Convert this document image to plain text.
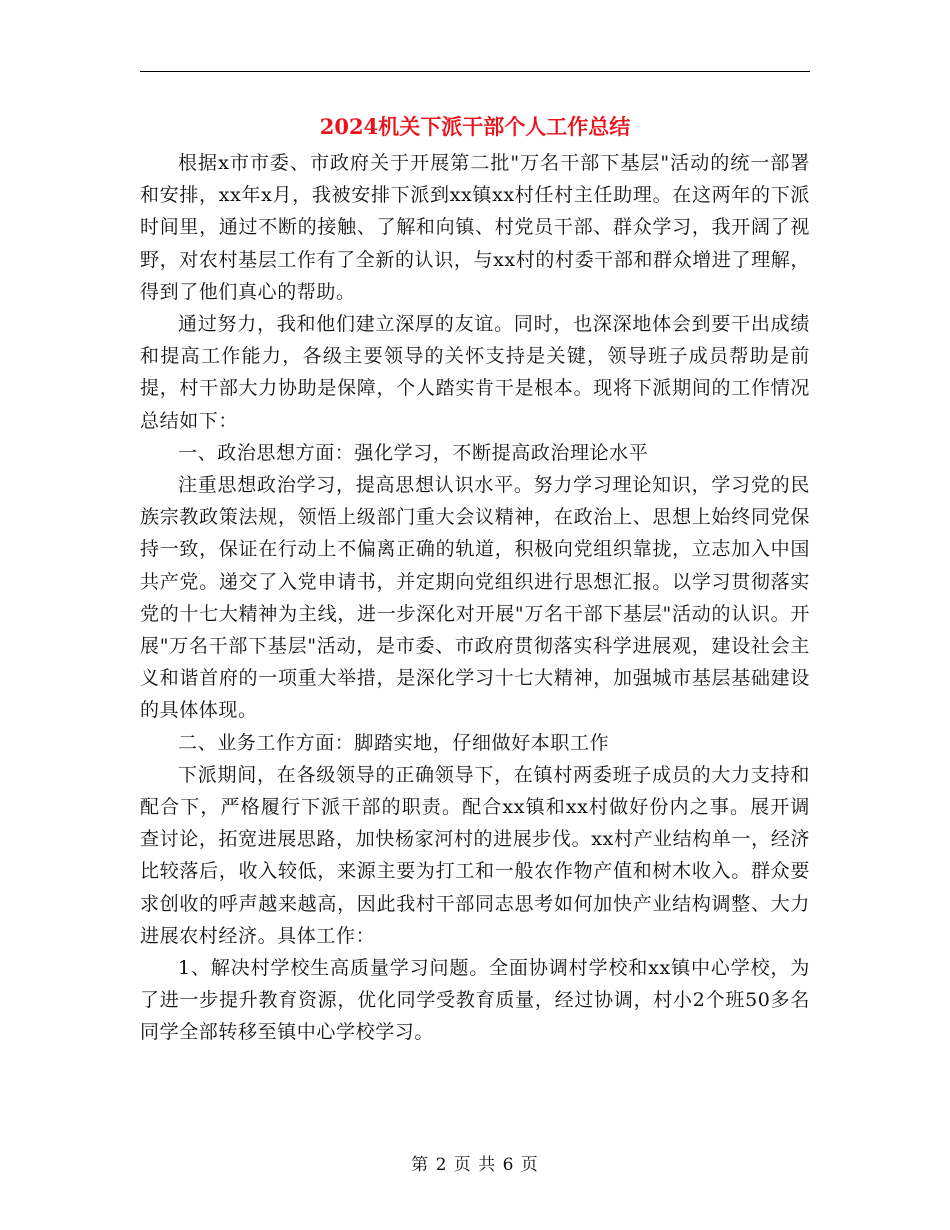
2024机关下派干部个人工作总结

根据x市市委、市政府关于开展第二批"万名干部下基层"活动的统一部署和安排，xx年x月，我被安排下派到xx镇xx村任村主任助理。在这两年的下派时间里，通过不断的接触、了解和向镇、村党员干部、群众学习，我开阔了视野，对农村基层工作有了全新的认识，与xx村的村委干部和群众增进了理解，得到了他们真心的帮助。

通过努力，我和他们建立深厚的友谊。同时，也深深地体会到要干出成绩和提高工作能力，各级主要领导的关怀支持是关键，领导班子成员帮助是前提，村干部大力协助是保障，个人踏实肯干是根本。现将下派期间的工作情况总结如下：

一、政治思想方面：强化学习，不断提高政治理论水平

注重思想政治学习，提高思想认识水平。努力学习理论知识，学习党的民族宗教政策法规，领悟上级部门重大会议精神，在政治上、思想上始终同党保持一致，保证在行动上不偏离正确的轨道，积极向党组织靠拢，立志加入中国共产党。递交了入党申请书，并定期向党组织进行思想汇报。以学习贯彻落实党的十七大精神为主线，进一步深化对开展"万名干部下基层"活动的认识。开展"万名干部下基层"活动，是市委、市政府贯彻落实科学进展观，建设社会主义和谐首府的一项重大举措，是深化学习十七大精神，加强城市基层基础建设的具体体现。

二、业务工作方面：脚踏实地，仔细做好本职工作

下派期间，在各级领导的正确领导下，在镇村两委班子成员的大力支持和配合下，严格履行下派干部的职责。配合xx镇和xx村做好份内之事。展开调查讨论，拓宽进展思路，加快杨家河村的进展步伐。xx村产业结构单一，经济比较落后，收入较低，来源主要为打工和一般农作物产值和树木收入。群众要求创收的呼声越来越高，因此我村干部同志思考如何加快产业结构调整、大力进展农村经济。具体工作：

1、解决村学校生高质量学习问题。全面协调村学校和xx镇中心学校，为了进一步提升教育资源，优化同学受教育质量，经过协调，村小2个班50多名同学全部转移至镇中心学校学习。

第 2 页 共 6 页
